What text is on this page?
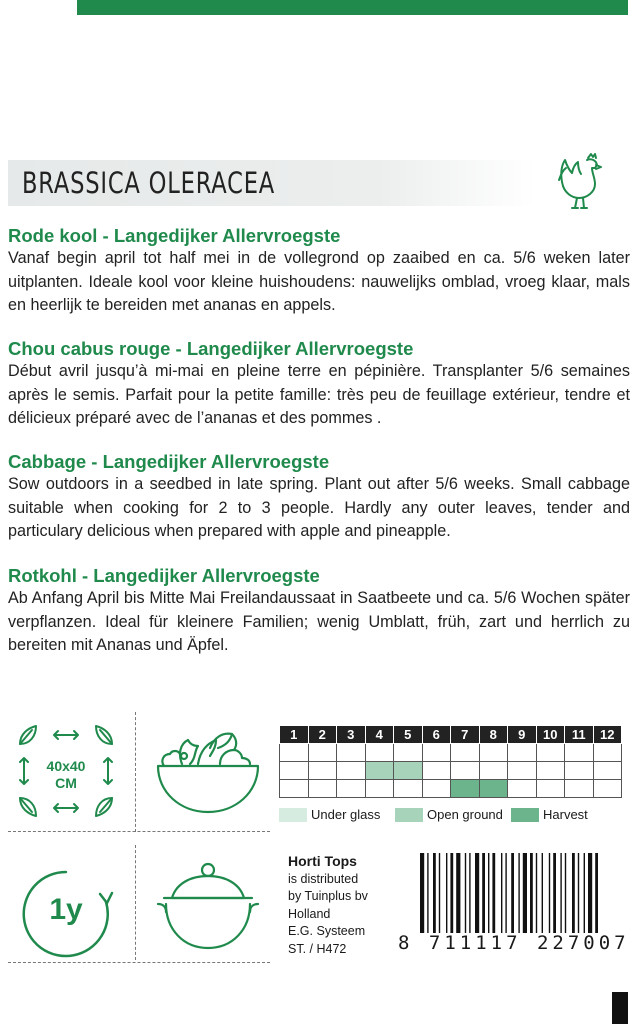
BRASSICA OLERACEA
Rode kool - Langedijker Allervroegste

Vanaf begin april tot half mei in de vollegrond op zaaibed en ca. 5/6 weken later uitplanten. Ideale kool voor kleine huishoudens: nauwelijks omblad, vroeg klaar, mals en heerlijk te bereiden met ananas en appels.

Chou cabus rouge - Langedijker Allervroegste

Début avril jusqu’à mi-mai en pleine terre en pépinière. Transplanter 5/6 semaines après le semis. Parfait pour la petite famille: très peu de feuillage extérieur, tendre et délicieux préparé avec de l’ananas et des pommes .

Cabbage - Langedijker Allervroegste

Sow outdoors in a seedbed in late spring. Plant out after 5/6 weeks. Small cabbage suitable when cooking for 2 to 3 people. Hardly any outer leaves, tender and particulary delicious when prepared with apple and pineapple.

Rotkohl - Langedijker Allervroegste

Ab Anfang April bis Mitte Mai Freilandaussaat in Saatbeete und ca. 5/6 Wochen später verpflanzen. Ideal für kleinere Familien; wenig Umblatt, früh, zart und herrlich zu bereiten mit Ananas und Äpfel.

40x40
CM
1y
1	2	3	4	5	6	7	8	9	10	11	12

Under glass	Open ground	Harvest
Horti Tops
is distributed
by Tuinplus bv
Holland
E.G. Systeem
ST. / H472	8 711117 227007
